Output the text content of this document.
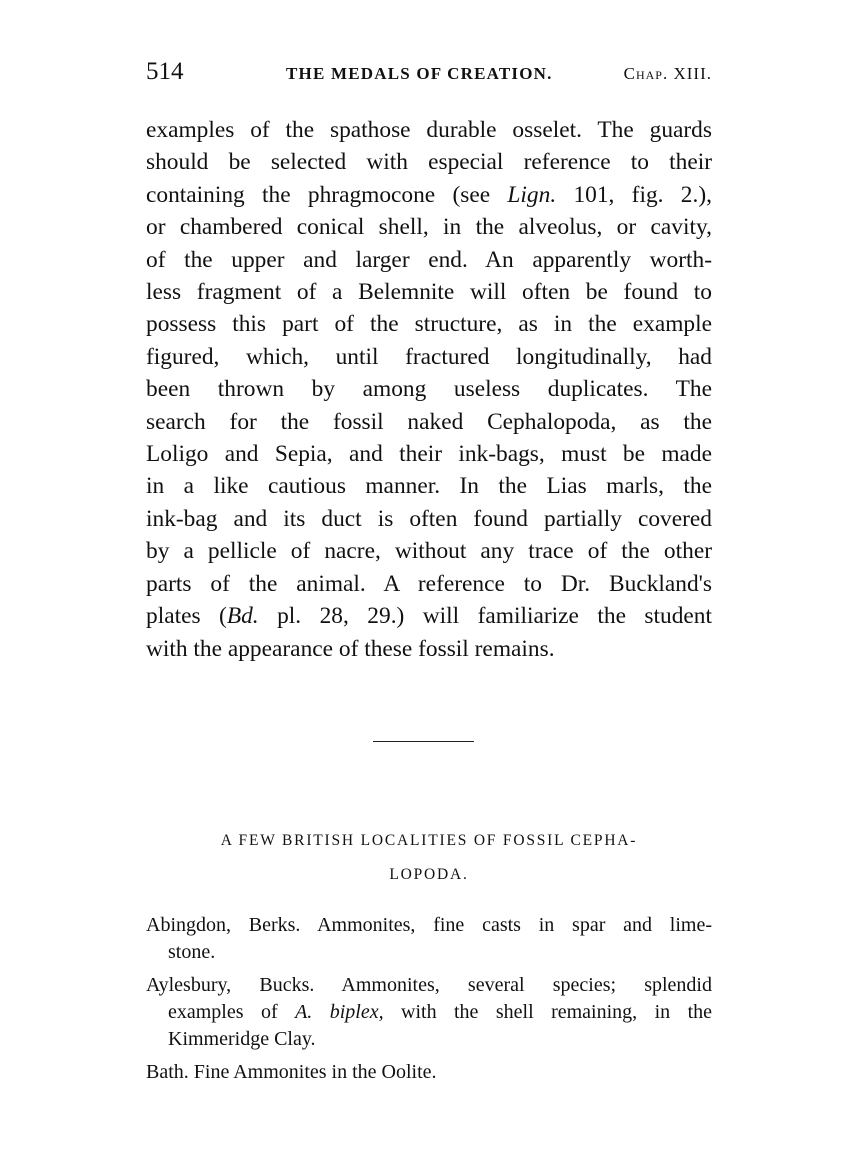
514	THE MEDALS OF CREATION.	Chap. XIII.

examples of the spathose durable osselet. The guards
should be selected with especial reference to their
containing the phragmocone (see Lign. 101, fig. 2.),
or chambered conical shell, in the alveolus, or cavity,
of the upper and larger end. An apparently worth-
less fragment of a Belemnite will often be found to
possess this part of the structure, as in the example
figured, which, until fractured longitudinally, had
been thrown by among useless duplicates. The
search for the fossil naked Cephalopoda, as the
Loligo and Sepia, and their ink-bags, must be made
in a like cautious manner. In the Lias marls, the
ink-bag and its duct is often found partially covered
by a pellicle of nacre, without any trace of the other
parts of the animal. A reference to Dr. Buckland's
plates (Bd. pl. 28, 29.) will familiarize the student
with the appearance of these fossil remains.

A FEW BRITISH LOCALITIES OF FOSSIL CEPHA-
LOPODA.
Abingdon, Berks. Ammonites, fine casts in spar and lime-
stone.
Aylesbury, Bucks. Ammonites, several species; splendid
examples of A. biplex, with the shell remaining, in the
Kimmeridge Clay.
Bath. Fine Ammonites in the Oolite.
